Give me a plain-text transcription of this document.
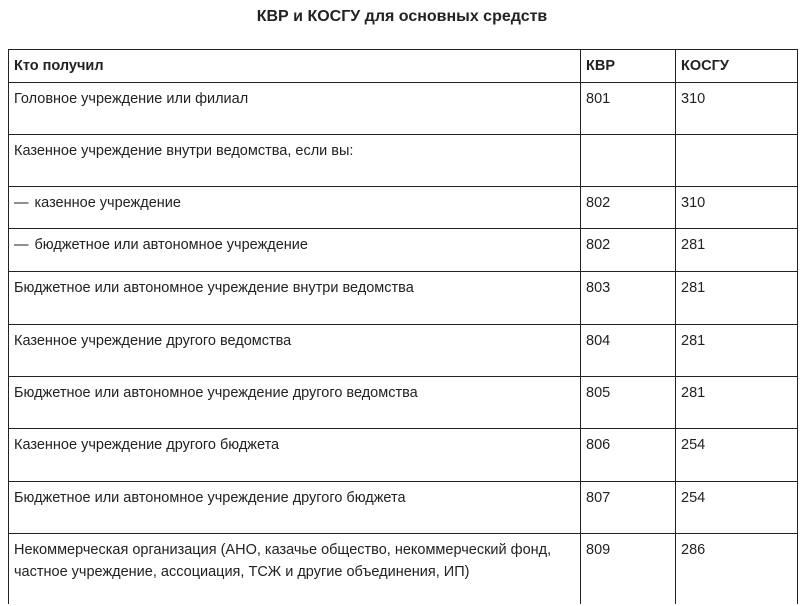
КВР и КОСГУ для основных средств
Кто получил	КВР	КОСГУ
Головное учреждение или филиал	801	310
Казенное учреждение внутри ведомства, если вы:		
— казенное учреждение	802	310
— бюджетное или автономное учреждение	802	281
Бюджетное или автономное учреждение внутри ведомства	803	281
Казенное учреждение другого ведомства	804	281
Бюджетное или автономное учреждение другого ведомства	805	281
Казенное учреждение другого бюджета	806	254
Бюджетное или автономное учреждение другого бюджета	807	254
Некоммерческая организация (АНО, казачье общество, некоммерческий фонд, частное учреждение, ассоциация, ТСЖ и другие объединения, ИП)	809	286
